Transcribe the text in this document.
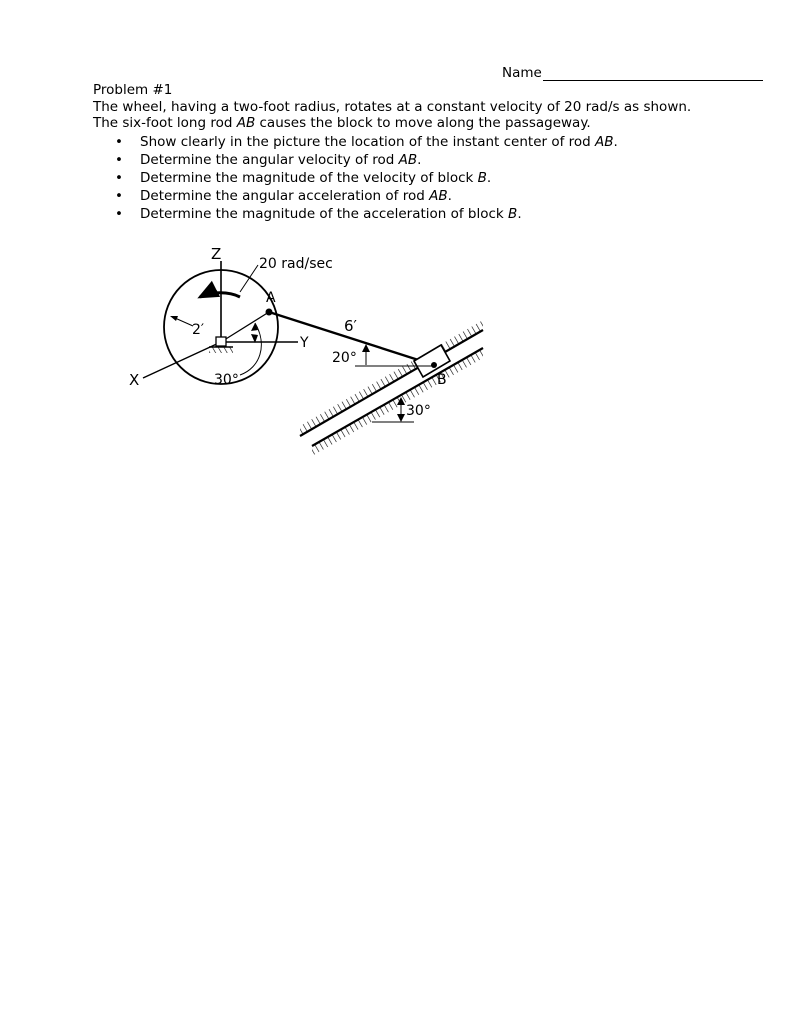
Name

Problem #1

The wheel, having a two-foot radius, rotates at a constant velocity of 20 rad/s as shown.

The six-foot long rod AB causes the block to move along the passageway.

• Show clearly in the picture the location of the instant center of rod AB.
• Determine the angular velocity of rod AB.
• Determine the magnitude of the velocity of block B.
• Determine the angular acceleration of rod AB.
• Determine the magnitude of the acceleration of block B.
Z
X
Y
20 rad/sec
A
B
2′	6′
20°
30°
30°
